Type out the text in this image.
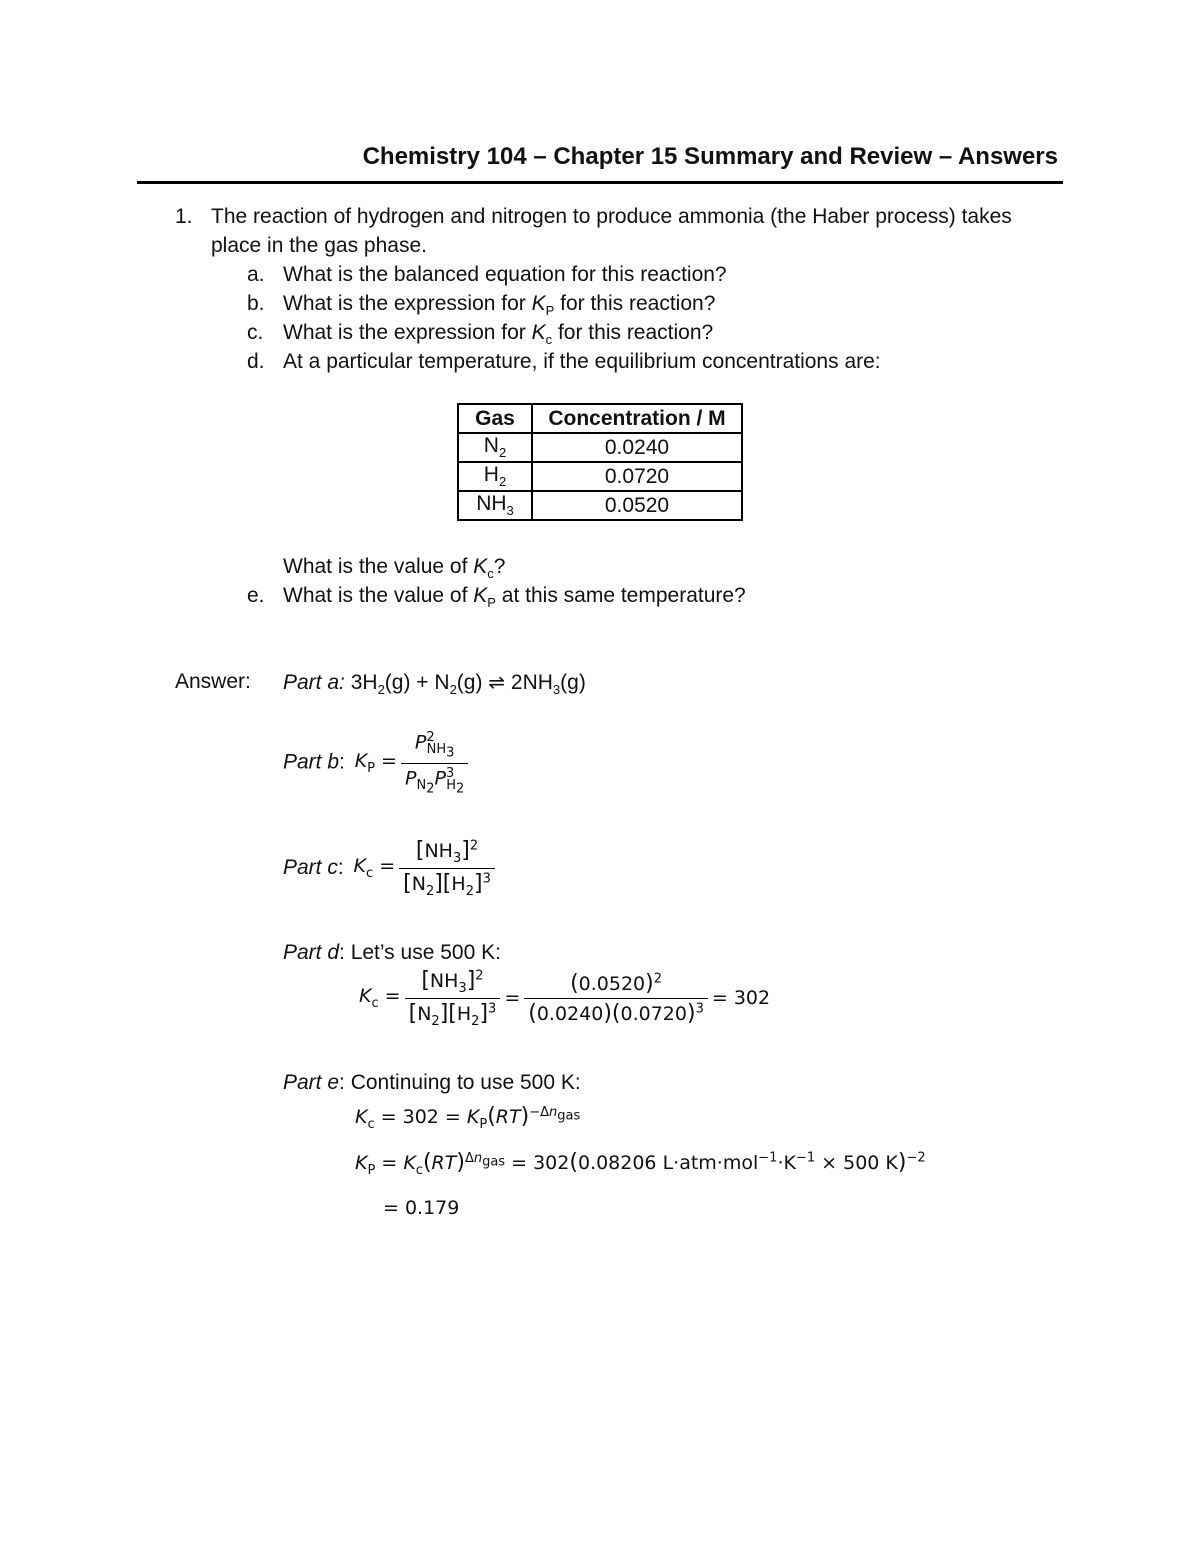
Chemistry 104 – Chapter 15 Summary and Review – Answers
1. The reaction of hydrogen and nitrogen to produce ammonia (the Haber process) takes
place in the gas phase.
a. What is the balanced equation for this reaction?
b. What is the expression for $K_P$ for this reaction?
c. What is the expression for $K_c$ for this reaction?
d. At a particular temperature, if the equilibrium concentrations are:
Gas	Concentration / M
$N_2$	0.0240
$H_2$	0.0720
$NH_3$	0.0520
What is the value of $K_c$?
e. What is the value of $K_P$ at this same temperature?
Answer: Part a: $3H_2(g) + N_2(g)$ ⇌ $2NH_3(g)$
Part b: $K_P = \frac{P^2_{NH_3}}{P_{N_2}P^3_{H_2}}$
Part c: $K_c = \frac{[NH_3]^2}{[N_2][H_2]^3}$
Part d: Let’s use 500 K:
$K_c = \frac{[NH_3]^2}{[N_2][H_2]^3} = \frac{(0.0520)^2}{(0.0240)(0.0720)^3} = 302$
Part e: Continuing to use 500 K:
$K_c = 302 = K_P(RT)^{-\Delta n_{gas}}$
$K_P = K_c(RT)^{\Delta n_{gas}} = 302(0.08206$ $L\cdot atm\cdot mol^{-1}\cdot K^{-1} \times 500$ K)$^{-2}$
= 0.179
